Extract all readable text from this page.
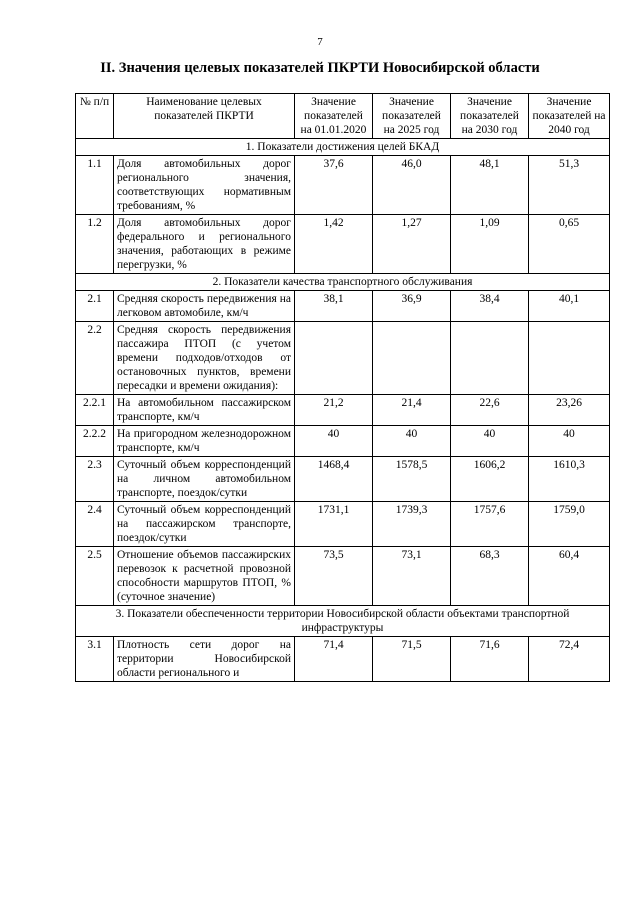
7
II. Значения целевых показателей ПКРТИ Новосибирской области
№ п/п	Наименование целевых показателей ПКРТИ	Значение показателей на 01.01.2020	Значение показателей на 2025 год	Значение показателей на 2030 год	Значение показателей на 2040 год
1. Показатели достижения целей БКАД					
1.1	Доля автомобильных дорог регионального значения, соответствующих нормативным требованиям, %	37,6	46,0	48,1	51,3
1.2	Доля автомобильных дорог федерального и регионального значения, работающих в режиме перегрузки, %	1,42	1,27	1,09	0,65
2. Показатели качества транспортного обслуживания					
2.1	Средняя скорость передвижения на легковом автомобиле, км/ч	38,1	36,9	38,4	40,1
2.2	Средняя скорость передвижения пассажира ПТОП (с учетом времени подходов/отходов от остановочных пунктов, времени пересадки и времени ожидания):				
2.2.1	На автомобильном пассажирском транспорте, км/ч	21,2	21,4	22,6	23,26
2.2.2	На пригородном железнодорожном транспорте, км/ч	40	40	40	40
2.3	Суточный объем корреспонденций на личном автомобильном транспорте, поездок/сутки	1468,4	1578,5	1606,2	1610,3
2.4	Суточный объем корреспонденций на пассажирском транспорте, поездок/сутки	1731,1	1739,3	1757,6	1759,0
2.5	Отношение объемов пассажирских перевозок к расчетной провозной способности маршрутов ПТОП, % (суточное значение)	73,5	73,1	68,3	60,4
3. Показатели обеспеченности территории Новосибирской области объектами транспортной инфраструктуры					
3.1	Плотность сети дорог на территории Новосибирской области регионального и	71,4	71,5	71,6	72,4
